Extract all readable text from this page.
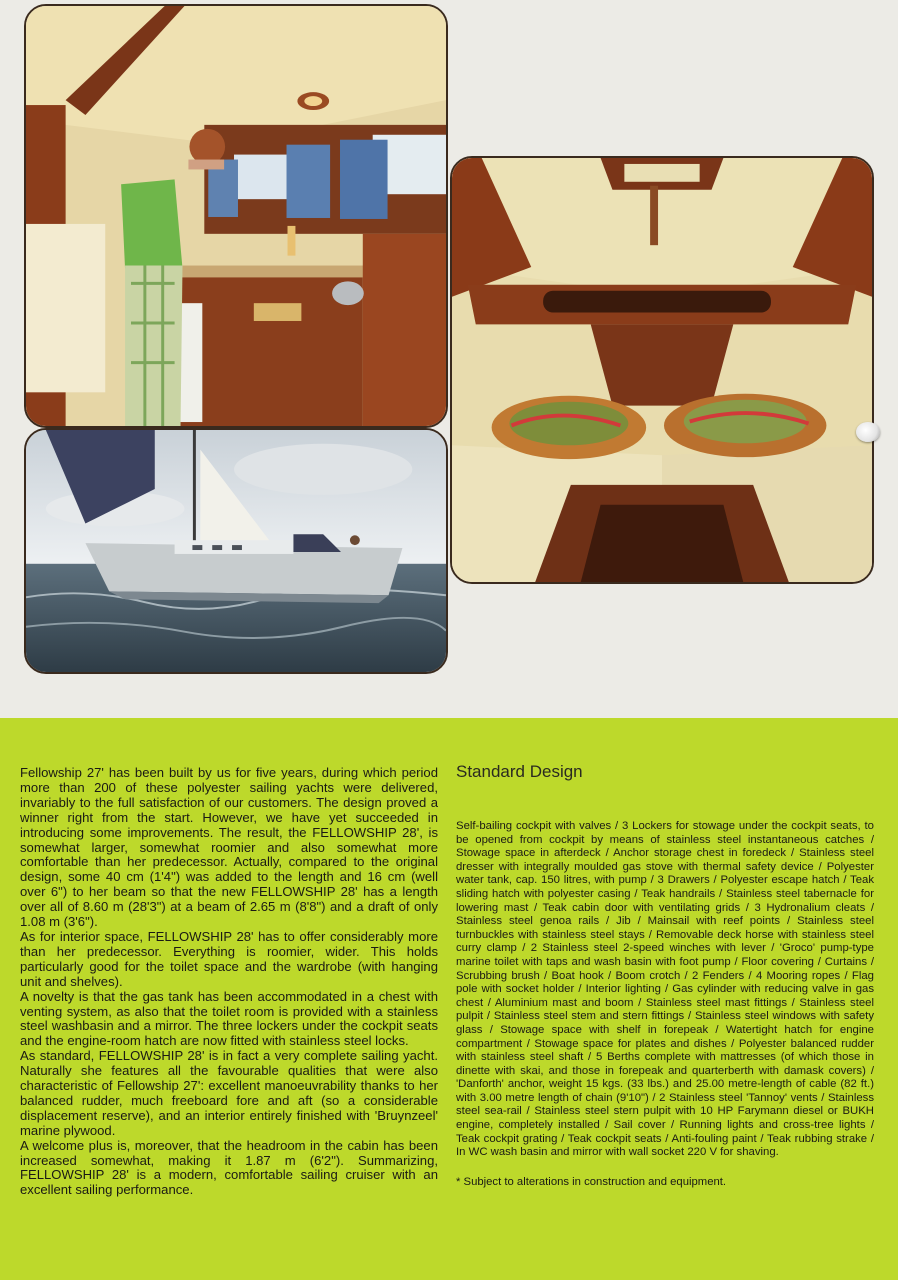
Fellowship 27' has been built by us for five years, during which period more than 200 of these polyester sailing yachts were delivered, invariably to the full satisfaction of our customers. The design proved a winner right from the start. However, we have yet succeeded in introducing some improvements. The result, the FELLOWSHIP 28', is somewhat larger, somewhat roomier and also somewhat more comfortable than her predecessor. Actually, compared to the original design, some 40 cm (1'4") was added to the length and 16 cm (well over 6") to her beam so that the new FELLOWSHIP 28' has a length over all of 8.60 m (28'3") at a beam of 2.65 m (8'8") and a draft of only 1.08 m (3'6").

As for interior space, FELLOWSHIP 28' has to offer considerably more than her predecessor. Everything is roomier, wider. This holds particularly good for the toilet space and the wardrobe (with hanging unit and shelves).

A novelty is that the gas tank has been accommodated in a chest with venting system, as also that the toilet room is provided with a stainless steel washbasin and a mirror. The three lockers under the cockpit seats and the engine-room hatch are now fitted with stainless steel locks.

As standard, FELLOWSHIP 28' is in fact a very complete sailing yacht. Naturally she features all the favourable qualities that were also characteristic of Fellowship 27': excellent manoeuvrability thanks to her balanced rudder, much freeboard fore and aft (so a considerable displacement reserve), and an interior entirely finished with 'Bruynzeel' marine plywood.

A welcome plus is, moreover, that the headroom in the cabin has been increased somewhat, making it 1.87 m (6'2"). Summarizing, FELLOWSHIP 28' is a modern, comfortable sailing cruiser with an excellent sailing performance.

Standard Design

Self-bailing cockpit with valves / 3 Lockers for stowage under the cockpit seats, to be opened from cockpit by means of stainless steel instantaneous catches / Stowage space in afterdeck / Anchor storage chest in foredeck / Stainless steel dresser with integrally moulded gas stove with thermal safety device / Polyester water tank, cap. 150 litres, with pump / 3 Drawers / Polyester escape hatch / Teak sliding hatch with polyester casing / Teak handrails / Stainless steel tabernacle for lowering mast / Teak cabin door with ventilating grids / 3 Hydronalium cleats / Stainless steel genoa rails / Jib / Mainsail with reef points / Stainless steel turnbuckles with stainless steel stays / Removable deck horse with stainless steel curry clamp / 2 Stainless steel 2-speed winches with lever / 'Groco' pump-type marine toilet with taps and wash basin with foot pump / Floor covering / Curtains / Scrubbing brush / Boat hook / Boom crotch / 2 Fenders / 4 Mooring ropes / Flag pole with socket holder / Interior lighting / Gas cylinder with reducing valve in gas chest / Aluminium mast and boom / Stainless steel mast fittings / Stainless steel pulpit / Stainless steel stem and stern fittings / Stainless steel windows with safety glass / Stowage space with shelf in forepeak / Watertight hatch for engine compartment / Stowage space for plates and dishes / Polyester balanced rudder with stainless steel shaft / 5 Berths complete with mattresses (of which those in dinette with skai, and those in forepeak and quarterberth with damask covers) / 'Danforth' anchor, weight 15 kgs. (33 lbs.) and 25.00 metre-length of cable (82 ft.) with 3.00 metre length of chain (9'10") / 2 Stainless steel 'Tannoy' vents / Stainless steel sea-rail / Stainless steel stern pulpit with 10 HP Farymann diesel or BUKH engine, completely installed / Sail cover / Running lights and cross-tree lights / Teak cockpit grating / Teak cockpit seats / Anti-fouling paint / Teak rubbing strake / In WC wash basin and mirror with wall socket 220 V for shaving.

* Subject to alterations in construction and equipment.
